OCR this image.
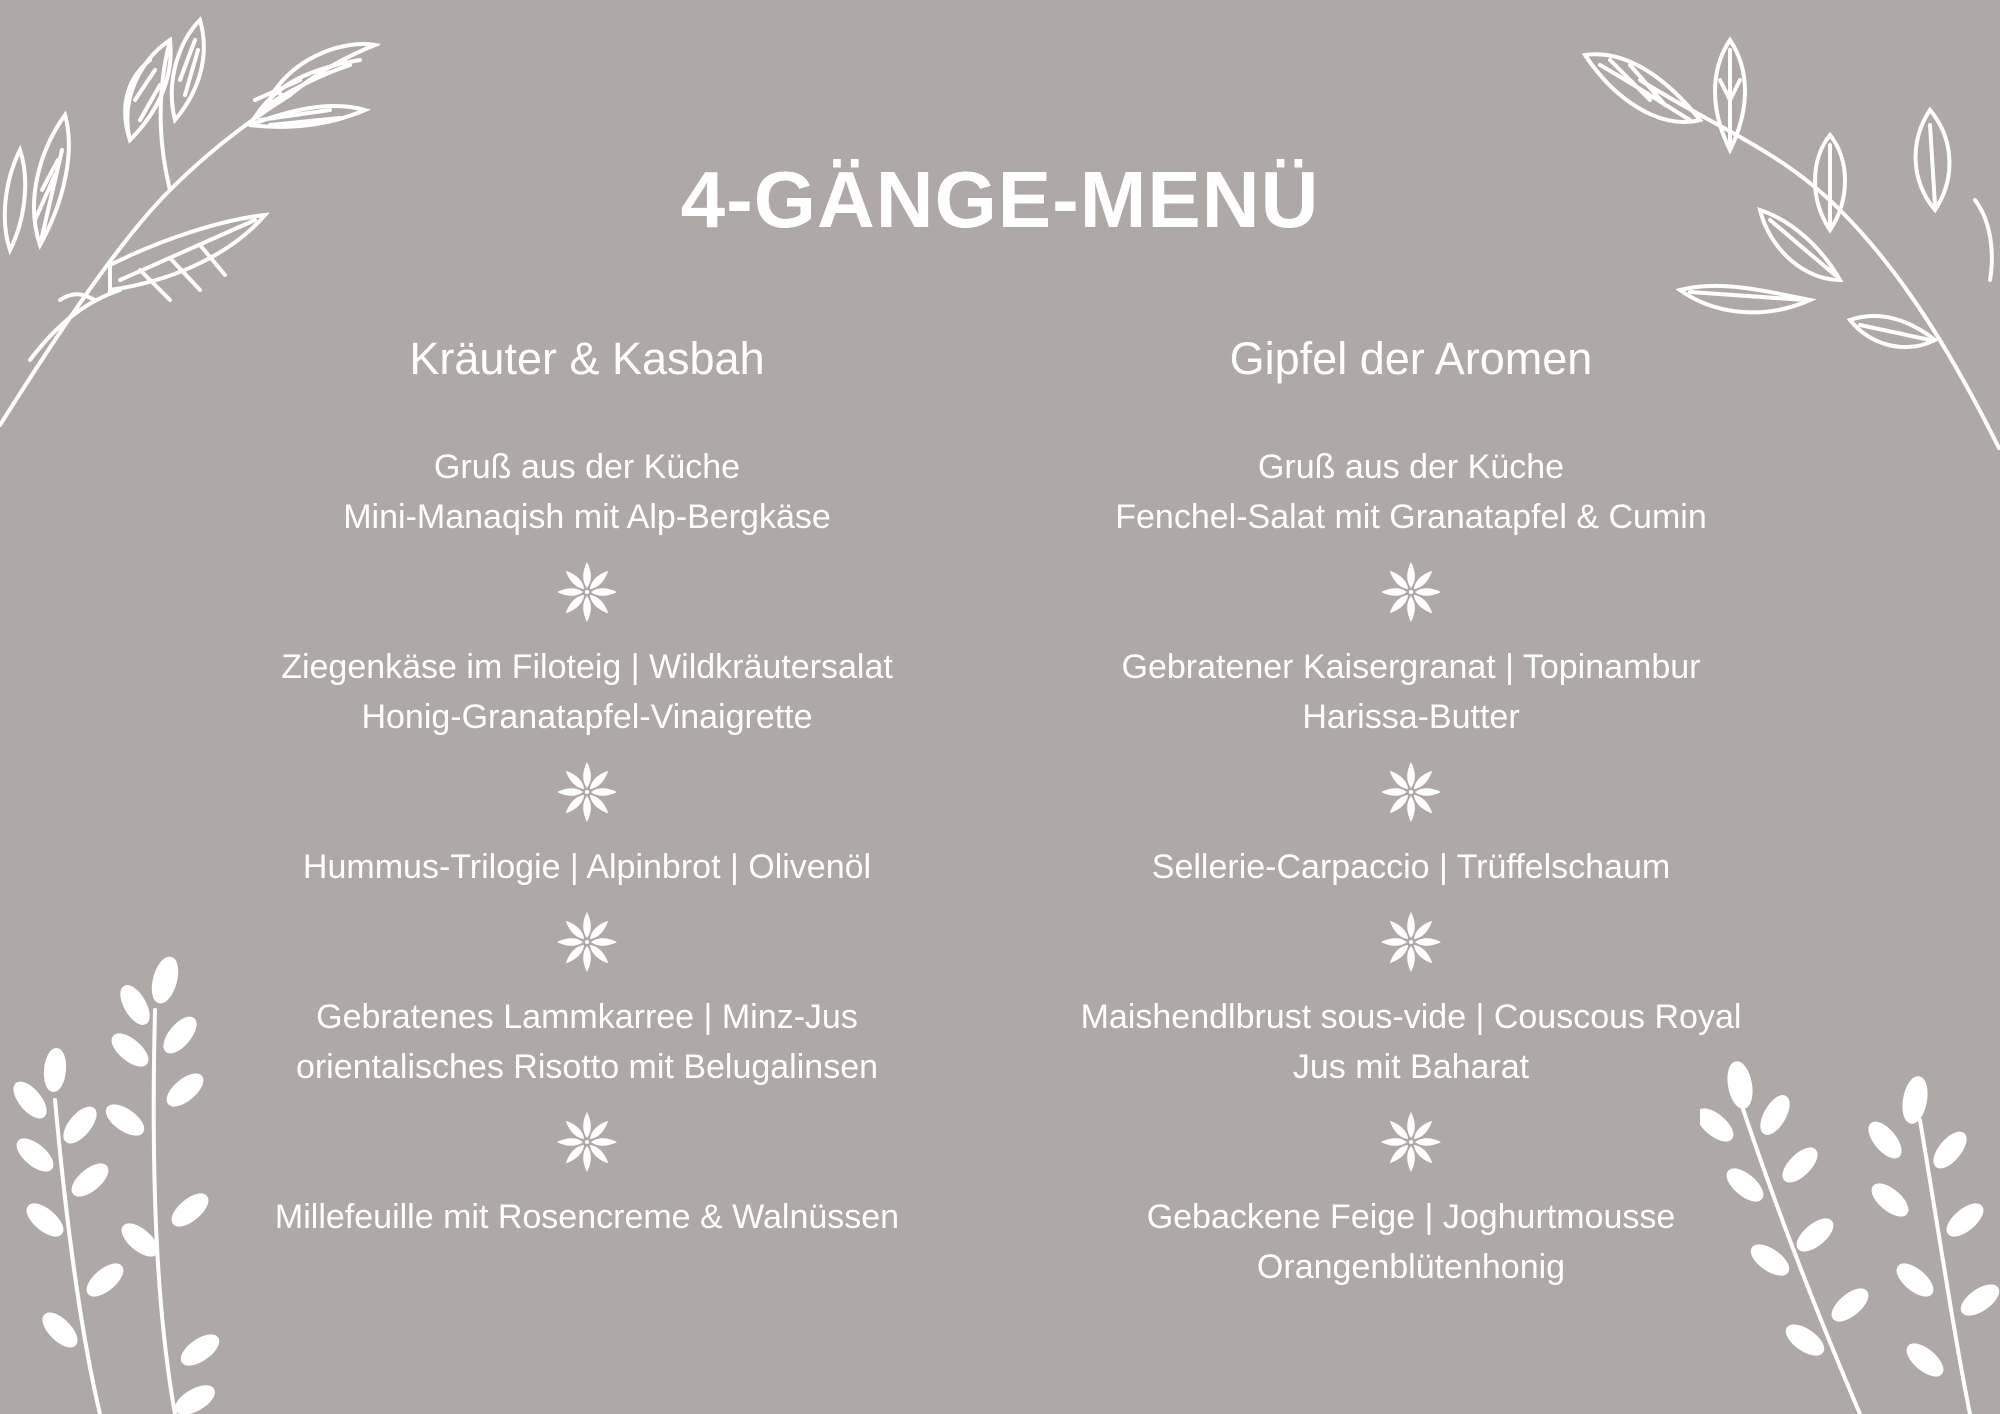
4-GÄNGE-MENÜ
Kräuter & Kasbah

Gruß aus der Küche
Mini-Manaqish mit Alp-Bergkäse

Ziegenkäse im Filoteig | Wildkräutersalat
Honig-Granatapfel-Vinaigrette

Hummus-Trilogie | Alpinbrot | Olivenöl

Gebratenes Lammkarree | Minz-Jus
orientalisches Risotto mit Belugalinsen

Millefeuille mit Rosencreme & Walnüssen

Gipfel der Aromen

Gruß aus der Küche
Fenchel-Salat mit Granatapfel & Cumin

Gebratener Kaisergranat | Topinambur
Harissa-Butter

Sellerie-Carpaccio | Trüffelschaum

Maishendlbrust sous-vide | Couscous Royal
Jus mit Baharat

Gebackene Feige | Joghurtmousse
Orangenblütenhonig
